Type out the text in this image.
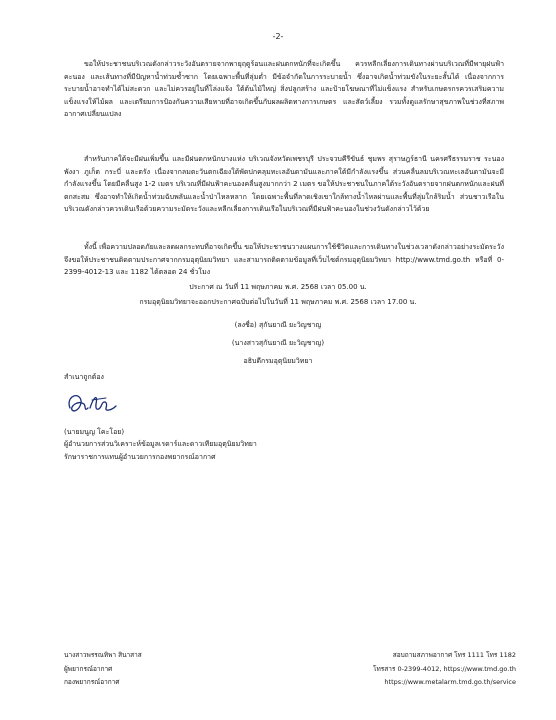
-2-

ขอให้ประชาชนบริเวณดังกล่าวระวังอันตรายจากพายุฤดูร้อนและฝนตกหนักที่จะเกิดขึ้น ควรหลีกเลี่ยงการเดินทางผ่านบริเวณที่มีพายุฝนฟ้าคะนอง และเส้นทางที่มีปัญหาน้ำท่วมซ้ำซาก โดยเฉพาะพื้นที่ลุ่มต่ำ มีข้อจำกัดในการระบายน้ำ ซึ่งอาจเกิดน้ำท่วมขังในระยะสั้นได้ เนื่องจากการระบายน้ำอาจทำได้ไม่สะดวก และไม่ควรอยู่ในที่โล่งแจ้ง ใต้ต้นไม้ใหญ่ สิ่งปลูกสร้าง และป้ายโฆษณาที่ไม่แข็งแรง สำหรับเกษตรกรควรเสริมความแข็งแรงให้ไม้ผล และเตรียมการป้องกันความเสียหายที่อาจเกิดขึ้นกับผลผลิตทางการเกษตร และสัตว์เลี้ยง รวมทั้งดูแลรักษาสุขภาพในช่วงที่สภาพอากาศเปลี่ยนแปลง

สำหรับภาคใต้จะมีฝนเพิ่มขึ้น และมีฝนตกหนักบางแห่ง บริเวณจังหวัดเพชรบุรี ประจวบคีรีขันธ์ ชุมพร สุราษฎร์ธานี นครศรีธรรมราช ระนอง พังงา ภูเก็ต กระบี่ และตรัง เนื่องจากลมตะวันตกเฉียงใต้พัดปกคลุมทะเลอันดามันและภาคใต้มีกำลังแรงขึ้น ส่วนคลื่นลมบริเวณทะเลอันดามันจะมีกำลังแรงขึ้น โดยมีคลื่นสูง 1-2 เมตร บริเวณที่มีฝนฟ้าคะนองคลื่นสูงมากกว่า 2 เมตร ขอให้ประชาชนในภาคใต้ระวังอันตรายจากฝนตกหนักและฝนที่ตกสะสม ซึ่งอาจทำให้เกิดน้ำท่วมฉับพลันและน้ำป่าไหลหลาก โดยเฉพาะพื้นที่ลาดเชิงเขาใกล้ทางน้ำไหลผ่านและพื้นที่ลุ่มใกล้ริมน้ำ ส่วนชาวเรือในบริเวณดังกล่าวควรเดินเรือด้วยความระมัดระวังและหลีกเลี่ยงการเดินเรือในบริเวณที่มีฝนฟ้าคะนองในช่วงวันดังกล่าวไว้ด้วย

ทั้งนี้ เพื่อความปลอดภัยและลดผลกระทบที่อาจเกิดขึ้น ขอให้ประชาชนวางแผนการใช้ชีวิตและการเดินทางในช่วงเวลาดังกล่าวอย่างระมัดระวัง จึงขอให้ประชาชนติดตามประกาศจากกรมอุตุนิยมวิทยา และสามารถติดตามข้อมูลที่เว็บไซต์กรมอุตุนิยมวิทยา http://www.tmd.go.th หรือที่ 0-2399-4012-13 และ 1182 ได้ตลอด 24 ชั่วโมง

ประกาศ ณ วันที่ 11 พฤษภาคม พ.ศ. 2568 เวลา 05.00 น.
กรมอุตุนิยมวิทยาจะออกประกาศฉบับต่อไปในวันที่ 11 พฤษภาคม พ.ศ. 2568 เวลา 17.00 น.
(ลงชื่อ) สุกันยาณี ยะวิญชาญ
(นางสาวสุกันยาณี ยะวิญชาญ)
อธิบดีกรมอุตุนิยมวิทยา
สำเนาถูกต้อง
(นายมนูญ โคะโอย)
ผู้อำนวยการส่วนวิเคราะห์ข้อมูลเรดาร์และดาวเทียมอุตุนิยมวิทยา
รักษาราชการแทนผู้อำนวยการกองพยากรณ์อากาศ
นางสาวพรรณทิพา สินาสาส
ผู้พยากรณ์อากาศ
กองพยากรณ์อากาศ
สอบถามสภาพอากาศ โทร 1111 โทร 1182
โทรสาร 0-2399-4012, https://www.tmd.go.th
https://www.metalarm.tmd.go.th/service
